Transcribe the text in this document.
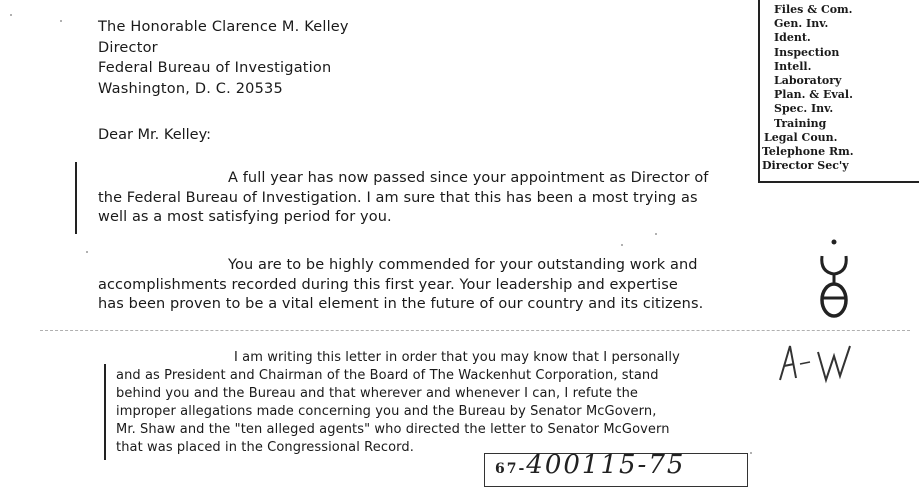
The Honorable Clarence M. Kelley
Director
Federal Bureau of Investigation
Washington, D. C. 20535
Dear Mr. Kelley:
A full year has now passed since your appointment as Director of
the Federal Bureau of Investigation. I am sure that this has been a most trying as
well as a most satisfying period for you.
You are to be highly commended for your outstanding work and
accomplishments recorded during this first year. Your leadership and expertise
has been proven to be a vital element in the future of our country and its citizens.
I am writing this letter in order that you may know that I personally
and as President and Chairman of the Board of The Wackenhut Corporation, stand
behind you and the Bureau and that wherever and whenever I can, I refute the
improper allegations made concerning you and the Bureau by Senator McGovern,
Mr. Shaw and the "ten alleged agents" who directed the letter to Senator McGovern
that was placed in the Congressional Record.
Files & Com.
Gen. Inv.
Ident.
Inspection
Intell.
Laboratory
Plan. & Eval.
Spec. Inv.
Training
Legal Coun.
Telephone Rm.
Director Sec'y
67-400115-75
